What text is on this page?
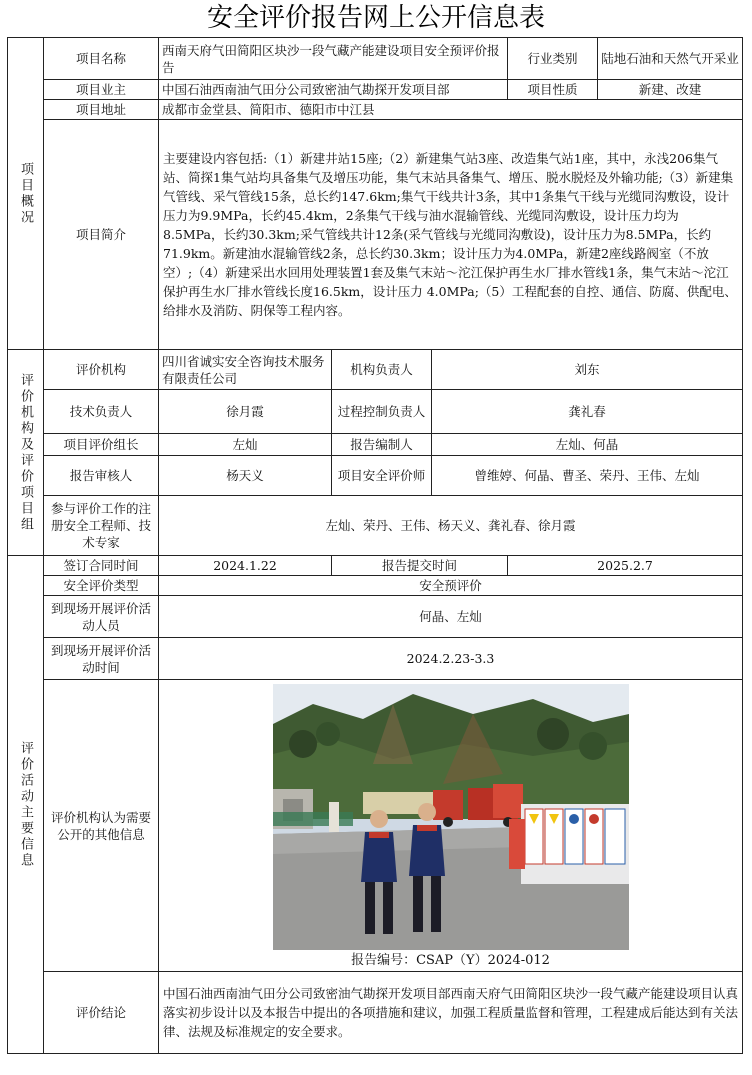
安全评价报告网上公开信息表
项目概况	项目名称	西南天府气田简阳区块沙一段气藏产能建设项目安全预评价报告			行业类别	陆地石油和天然气开采业
	项目业主	中国石油西南油气田分公司致密油气勘探开发项目部			项目性质	新建、改建
	项目地址	成都市金堂县、简阳市、德阳市中江县				
	项目简介	主要建设内容包括:（1）新建井站15座;（2）新建集气站3座、改造集气站1座，其中，永浅206集气站、简探1集气站均具备集气及增压功能，集气末站具备集气、增压、脱水脱烃及外输功能;（3）新建集气管线、采气管线15条，总长约147.6km;集气干线共计3条，其中1条集气干线与光缆同沟敷设，设计压力为9.9MPa，长约45.4km，2条集气干线与油水混输管线、光缆同沟敷设，设计压力均为8.5MPa，长约30.3km;采气管线共计12条(采气管线与光缆同沟敷设)，设计压力为8.5MPa，长约71.9km。新建油水混输管线2条，总长约30.3km；设计压力为4.0MPa，新建2座线路阀室（不放空）;（4）新建采出水回用处理装置1套及集气末站～沱江保护再生水厂排水管线1条，集气末站～沱江保护再生水厂排水管线长度16.5km，设计压力 4.0MPa;（5）工程配套的自控、通信、防腐、供配电、给排水及消防、阴保等工程内容。				
评价机构及评价项目组	评价机构	四川省诚实安全咨询技术服务有限责任公司	机构负责人	刘东		
	技术负责人	徐月霞	过程控制负责人	龚礼春		
	项目评价组长	左灿	报告编制人	左灿、何晶		
	报告审核人	杨天义	项目安全评价师	曾维婷、何晶、曹圣、荣丹、王伟、左灿		
	参与评价工作的注册安全工程师、技术专家	左灿、荣丹、王伟、杨天义、龚礼春、徐月霞				
评价活动主要信息	签订合同时间	2024.1.22	报告提交时间		2025.2.7	
	安全评价类型	安全预评价				
	到现场开展评价活动人员	何晶、左灿				
	到现场开展评价活动时间	2024.2.23-3.3				
	评价机构认为需要公开的其他信息	报告编号：CSAP（Y）2024-012				

	评价结论	中国石油西南油气田分公司致密油气勘探开发项目部西南天府气田简阳区块沙一段气藏产能建设项目认真落实初步设计以及本报告中提出的各项措施和建议，加强工程质量监督和管理，工程建成后能达到有关法律、法规及标准规定的安全要求。				
